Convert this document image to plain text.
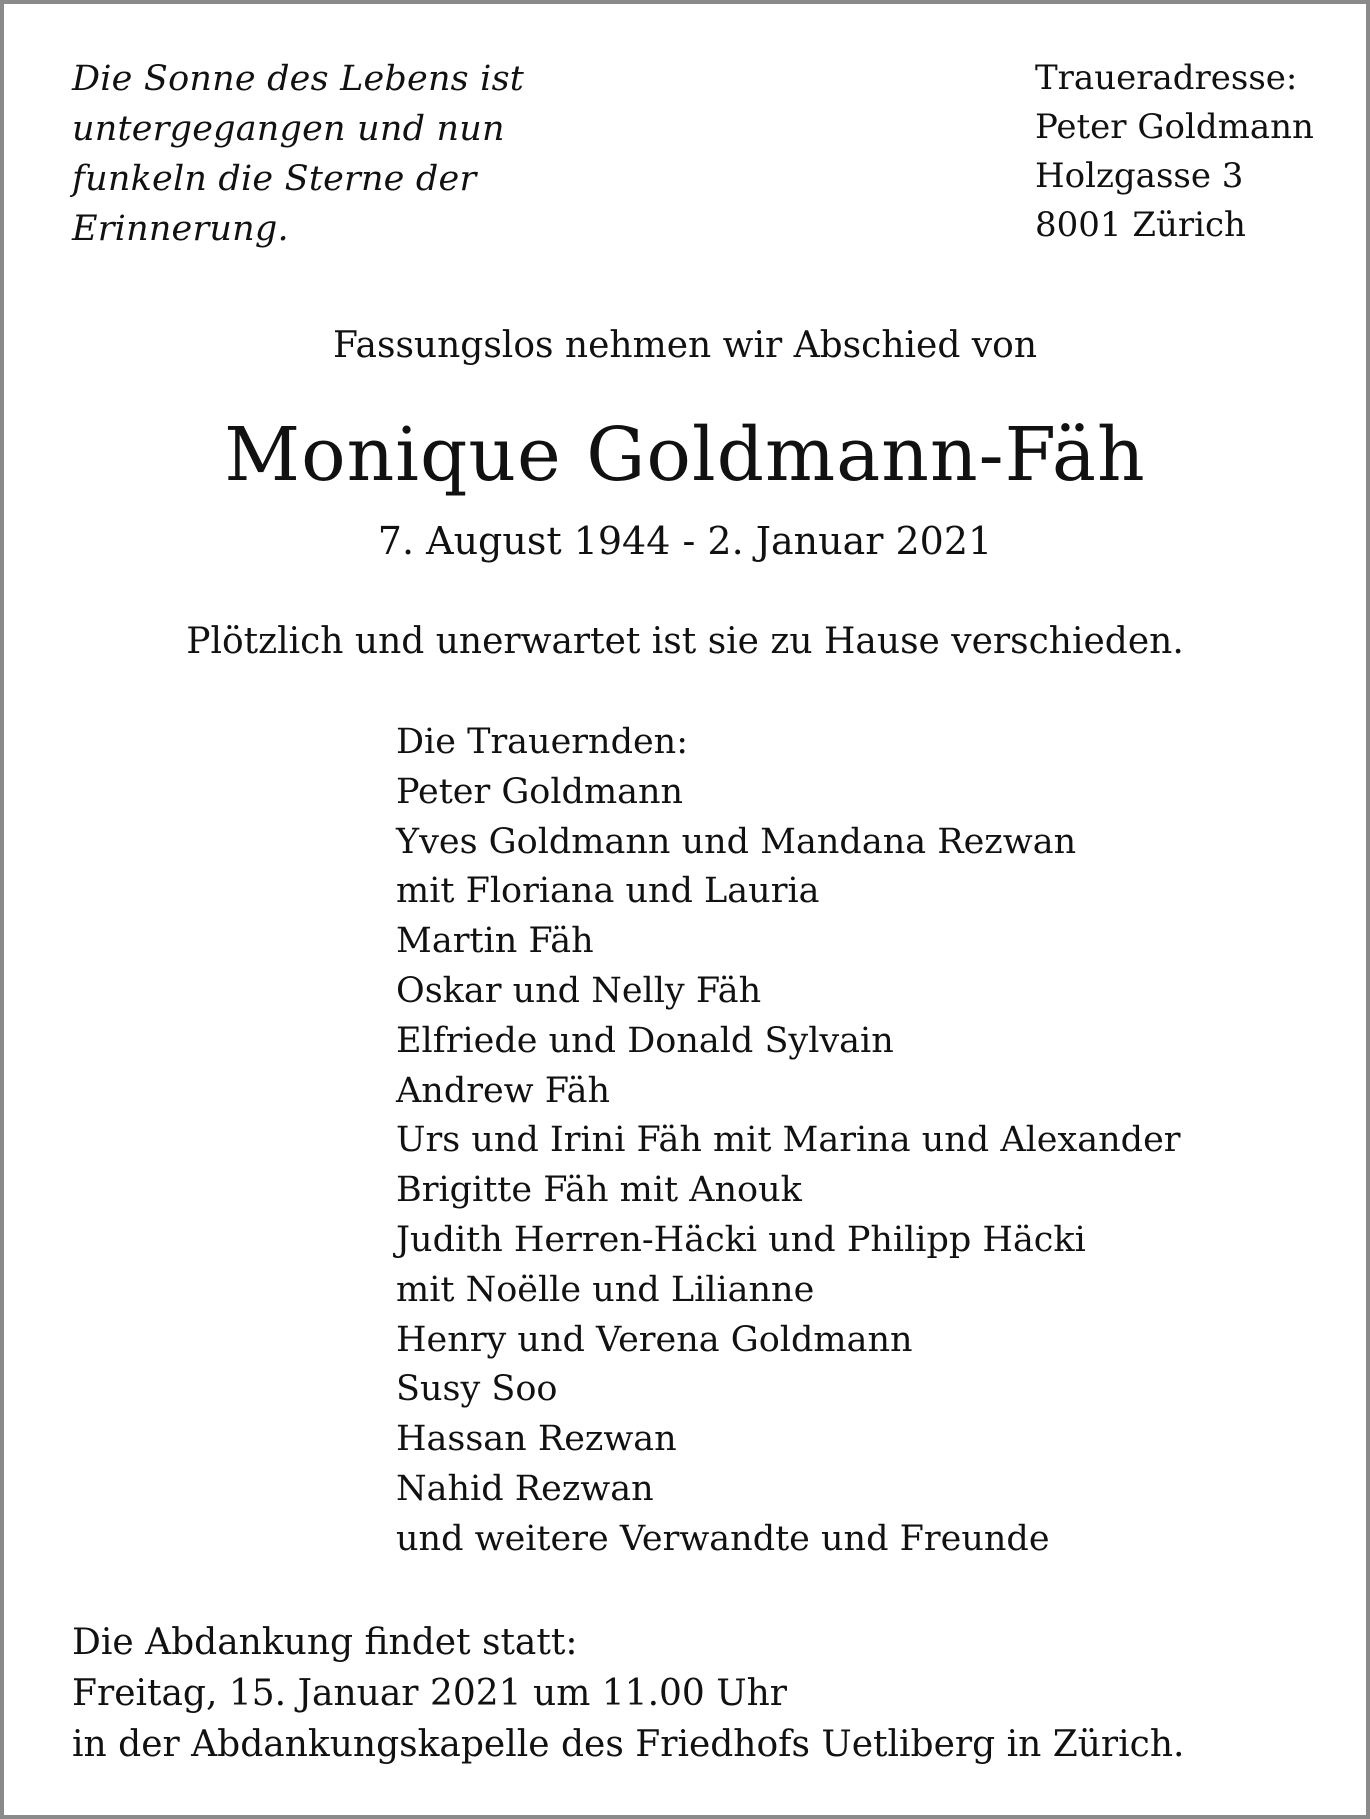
Die Sonne des Lebens ist
untergegangen und nun
funkeln die Sterne der
Erinnerung.
Traueradresse:
Peter Goldmann
Holzgasse 3
8001 Zürich
Fassungslos nehmen wir Abschied von
Monique Goldmann-Fäh
7. August 1944 - 2. Januar 2021
Plötzlich und unerwartet ist sie zu Hause verschieden.
Die Trauernden:
Peter Goldmann
Yves Goldmann und Mandana Rezwan
mit Floriana und Lauria
Martin Fäh
Oskar und Nelly Fäh
Elfriede und Donald Sylvain
Andrew Fäh
Urs und Irini Fäh mit Marina und Alexander
Brigitte Fäh mit Anouk
Judith Herren-Häcki und Philipp Häcki
mit Noëlle und Lilianne
Henry und Verena Goldmann
Susy Soo
Hassan Rezwan
Nahid Rezwan
und weitere Verwandte und Freunde
Die Abdankung findet statt:
Freitag, 15. Januar 2021 um 11.00 Uhr
in der Abdankungskapelle des Friedhofs Uetliberg in Zürich.
